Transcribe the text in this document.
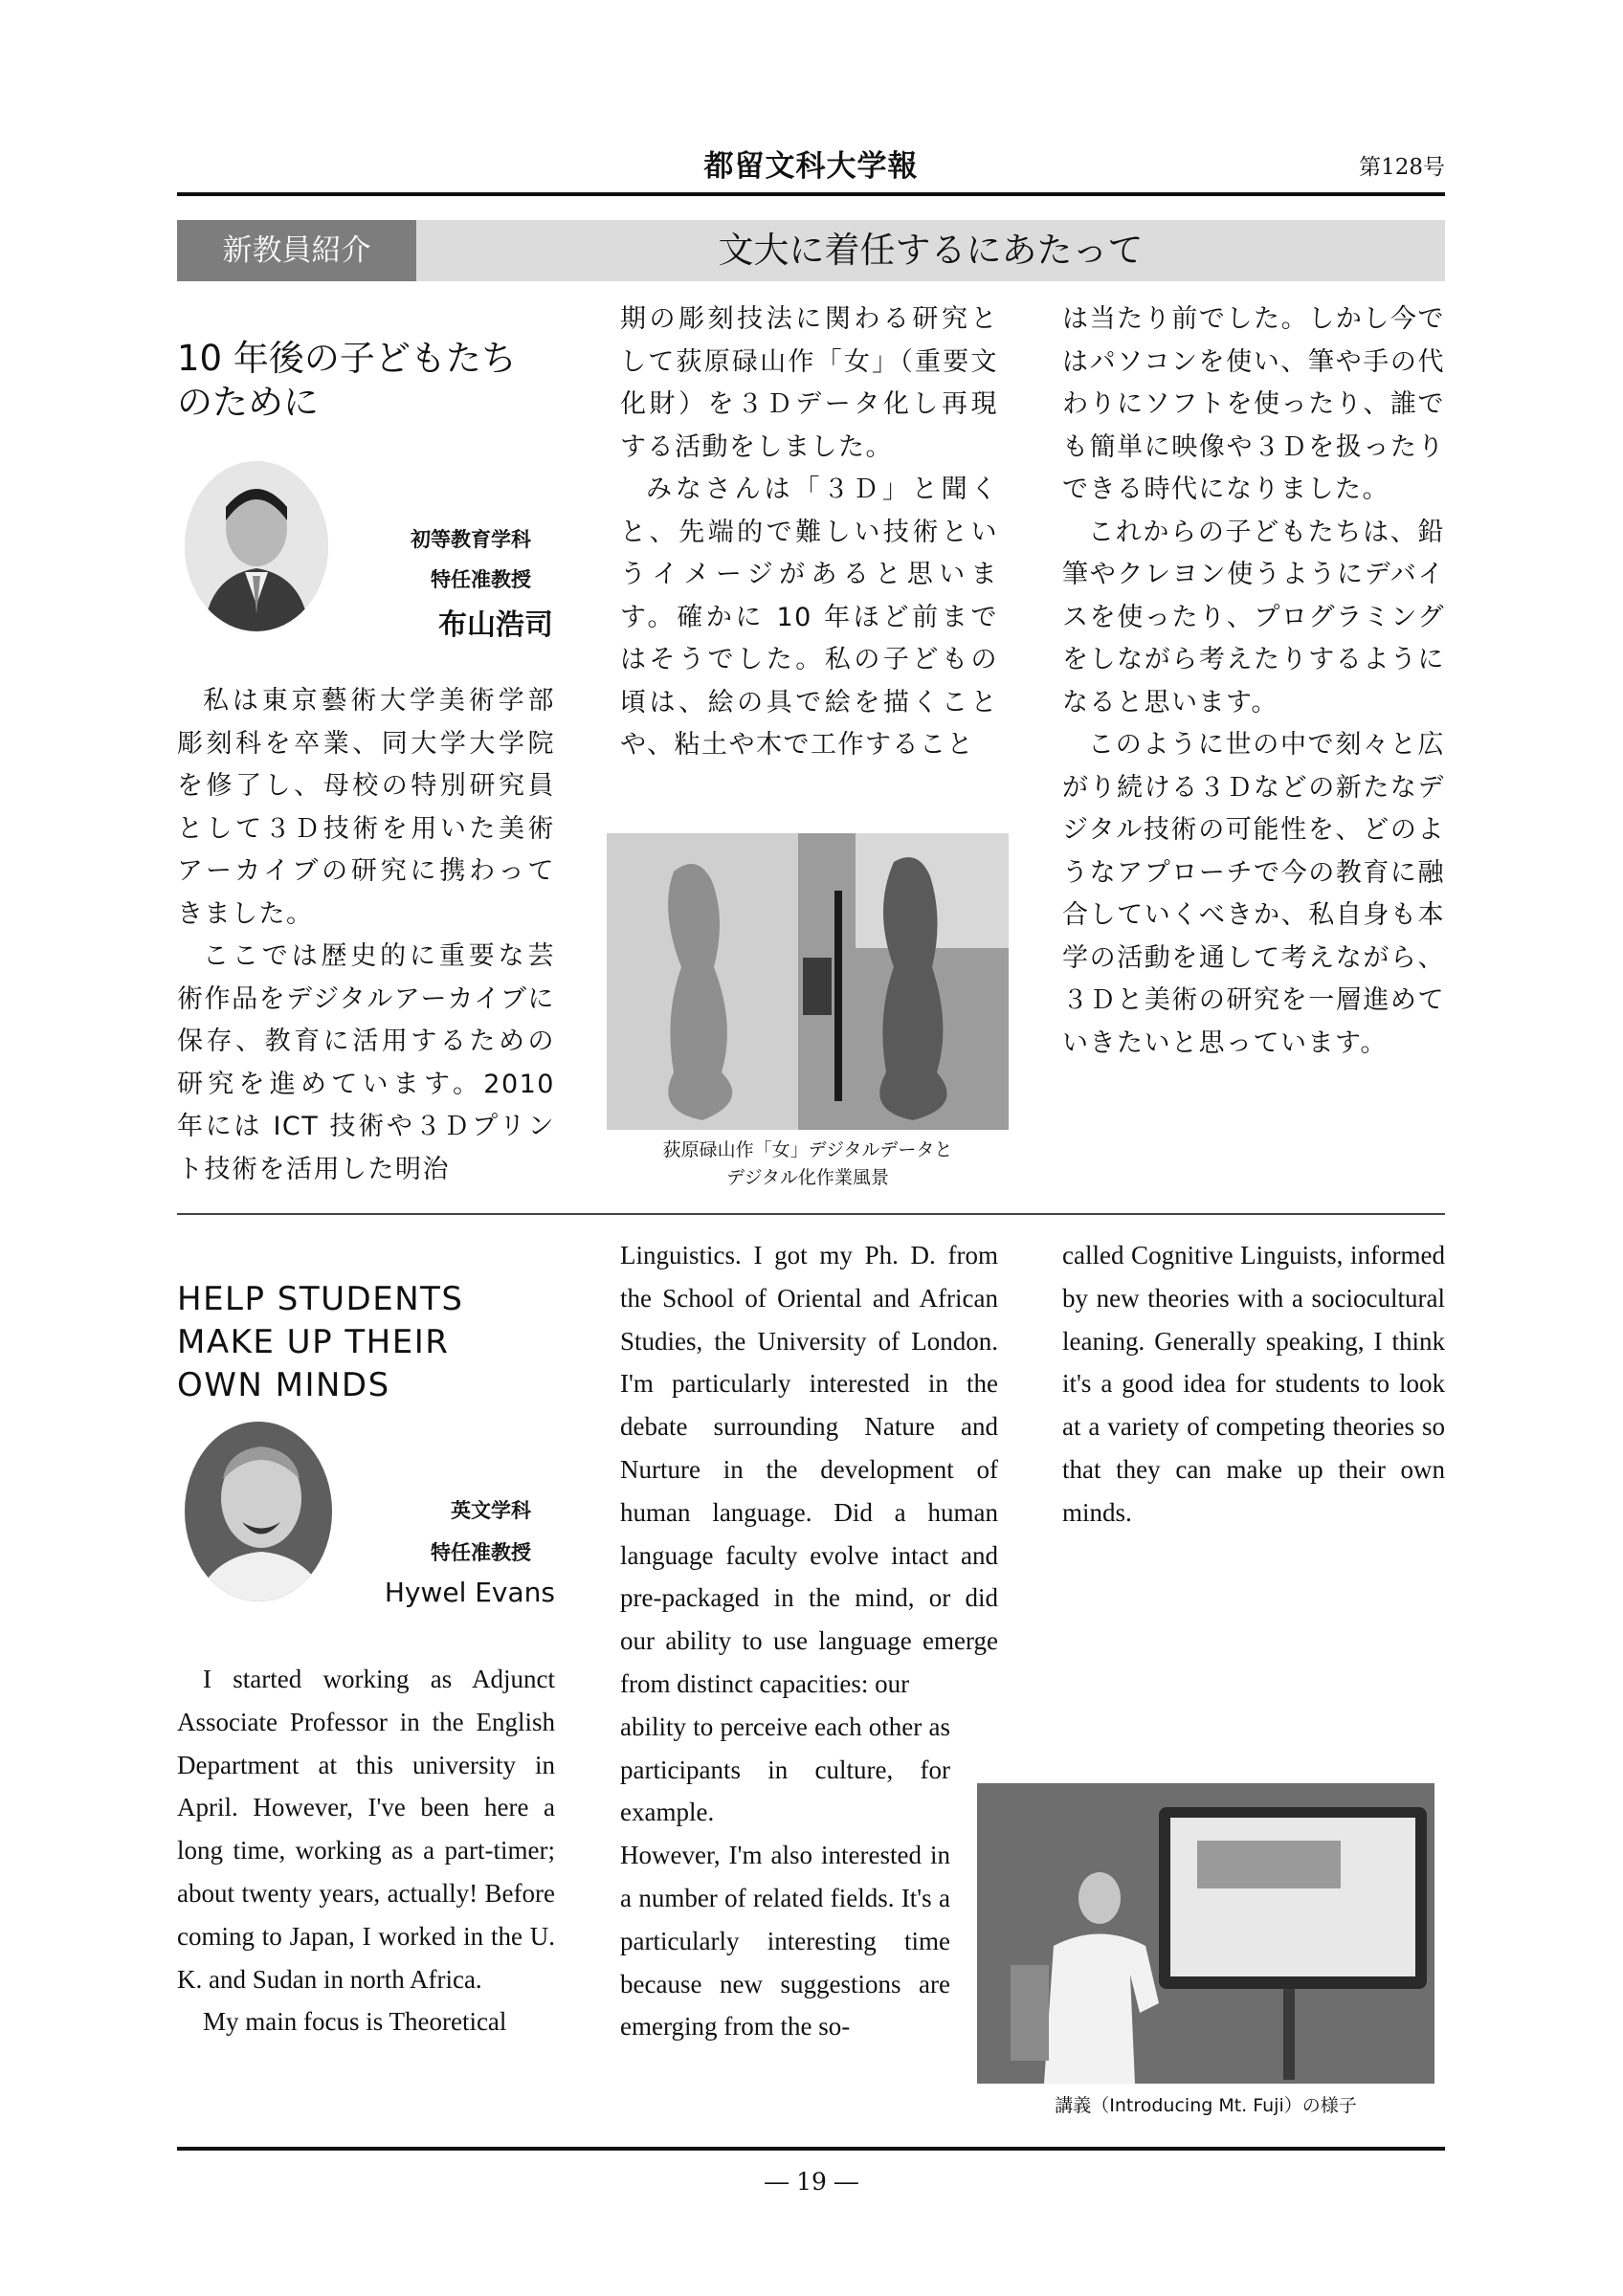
都留文科大学報	第128号
新教員紹介	文大に着任するにあたって
10 年後の子どもたち
のために
初等教育学科
特任准教授
布山浩司

私は東京藝術大学美術学部彫刻科を卒業、同大学大学院を修了し、母校の特別研究員として３Ｄ技術を用いた美術アーカイブの研究に携わってきました。

ここでは歴史的に重要な芸術作品をデジタルアーカイブに保存、教育に活用するための研究を進めています。2010 年には ICT 技術や３Ｄプリント技術を活用した明治

期の彫刻技法に関わる研究として荻原碌山作「女」（重要文化財）を３Ｄデータ化し再現する活動をしました。

みなさんは「３Ｄ」と聞くと、先端的で難しい技術というイメージがあると思います。確かに 10 年ほど前まではそうでした。私の子どもの頃は、絵の具で絵を描くことや、粘土や木で工作すること

荻原碌山作「女」デジタルデータと
デジタル化作業風景

は当たり前でした。しかし今ではパソコンを使い、筆や手の代わりにソフトを使ったり、誰でも簡単に映像や３Ｄを扱ったりできる時代になりました。

これからの子どもたちは、鉛筆やクレヨン使うようにデバイスを使ったり、プログラミングをしながら考えたりするようになると思います。

このように世の中で刻々と広がり続ける３Ｄなどの新たなデジタル技術の可能性を、どのようなアプローチで今の教育に融合していくべきか、私自身も本学の活動を通して考えながら、３Ｄと美術の研究を一層進めていきたいと思っています。

HELP STUDENTS
MAKE UP THEIR
OWN MINDS
英文学科
特任准教授
Hywel Evans

I started working as Adjunct Associate Professor in the English Department at this university in April. However, I've been here a long time, working as a part-timer; about twenty years, actually! Before coming to Japan, I worked in the U. K. and Sudan in north Africa.

My main focus is Theoretical

Linguistics. I got my Ph. D. from the School of Oriental and African Studies, the University of London. I'm particularly interested in the debate surrounding Nature and Nurture in the development of human language. Did a human language faculty evolve intact and pre-packaged in the mind, or did our ability to use language emerge from distinct capacities: our

ability to perceive each other as participants in culture, for example.

However, I'm also interested in a number of related fields. It's a particularly interesting time because new suggestions are emerging from the so-

called Cognitive Linguists, informed by new theories with a sociocultural leaning. Generally speaking, I think it's a good idea for students to look at a variety of competing theories so that they can make up their own minds.

講義（Introducing Mt. Fuji）の様子
― 19 ―
